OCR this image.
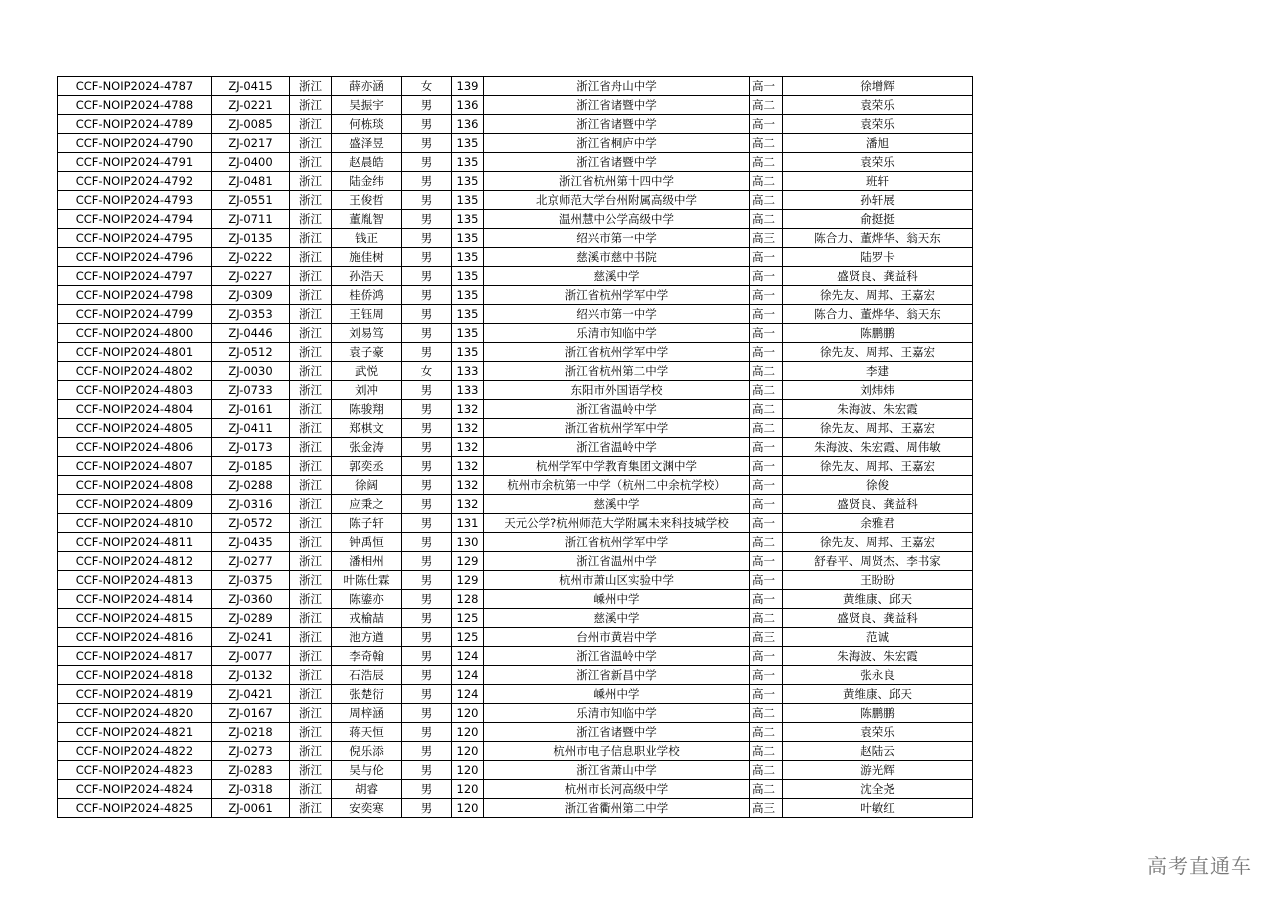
CCF-NOIP2024-4787	ZJ-0415	浙江	薛亦涵	女	139	浙江省舟山中学	高一	徐增辉
CCF-NOIP2024-4788	ZJ-0221	浙江	吴振宇	男	136	浙江省诸暨中学	高二	袁荣乐
CCF-NOIP2024-4789	ZJ-0085	浙江	何栋琰	男	136	浙江省诸暨中学	高一	袁荣乐
CCF-NOIP2024-4790	ZJ-0217	浙江	盛泽昱	男	135	浙江省桐庐中学	高二	潘旭
CCF-NOIP2024-4791	ZJ-0400	浙江	赵晨皓	男	135	浙江省诸暨中学	高二	袁荣乐
CCF-NOIP2024-4792	ZJ-0481	浙江	陆金纬	男	135	浙江省杭州第十四中学	高二	班轩
CCF-NOIP2024-4793	ZJ-0551	浙江	王俊哲	男	135	北京师范大学台州附属高级中学	高二	孙轩展
CCF-NOIP2024-4794	ZJ-0711	浙江	董胤智	男	135	温州慧中公学高级中学	高二	俞挺挺
CCF-NOIP2024-4795	ZJ-0135	浙江	钱正	男	135	绍兴市第一中学	高三	陈合力、董烨华、翁天东
CCF-NOIP2024-4796	ZJ-0222	浙江	施佳树	男	135	慈溪市慈中书院	高一	陆罗卡
CCF-NOIP2024-4797	ZJ-0227	浙江	孙浩天	男	135	慈溪中学	高一	盛贤良、龚益科
CCF-NOIP2024-4798	ZJ-0309	浙江	桂侨鸿	男	135	浙江省杭州学军中学	高一	徐先友、周邦、王嘉宏
CCF-NOIP2024-4799	ZJ-0353	浙江	王钰周	男	135	绍兴市第一中学	高一	陈合力、董烨华、翁天东
CCF-NOIP2024-4800	ZJ-0446	浙江	刘易笃	男	135	乐清市知临中学	高一	陈鹏鹏
CCF-NOIP2024-4801	ZJ-0512	浙江	袁子豪	男	135	浙江省杭州学军中学	高一	徐先友、周邦、王嘉宏
CCF-NOIP2024-4802	ZJ-0030	浙江	武悦	女	133	浙江省杭州第二中学	高二	李建
CCF-NOIP2024-4803	ZJ-0733	浙江	刘冲	男	133	东阳市外国语学校	高二	刘炜炜
CCF-NOIP2024-4804	ZJ-0161	浙江	陈骏翔	男	132	浙江省温岭中学	高二	朱海波、朱宏霞
CCF-NOIP2024-4805	ZJ-0411	浙江	郑棋文	男	132	浙江省杭州学军中学	高二	徐先友、周邦、王嘉宏
CCF-NOIP2024-4806	ZJ-0173	浙江	张金涛	男	132	浙江省温岭中学	高一	朱海波、朱宏霞、周伟敏
CCF-NOIP2024-4807	ZJ-0185	浙江	郭奕丞	男	132	杭州学军中学教育集团文渊中学	高一	徐先友、周邦、王嘉宏
CCF-NOIP2024-4808	ZJ-0288	浙江	徐阔	男	132	杭州市余杭第一中学（杭州二中余杭学校）	高一	徐俊
CCF-NOIP2024-4809	ZJ-0316	浙江	应秉之	男	132	慈溪中学	高一	盛贤良、龚益科
CCF-NOIP2024-4810	ZJ-0572	浙江	陈子轩	男	131	天元公学?杭州师范大学附属未来科技城学校	高一	余雅君
CCF-NOIP2024-4811	ZJ-0435	浙江	钟禹恒	男	130	浙江省杭州学军中学	高二	徐先友、周邦、王嘉宏
CCF-NOIP2024-4812	ZJ-0277	浙江	潘相州	男	129	浙江省温州中学	高一	舒春平、周贤杰、李书家
CCF-NOIP2024-4813	ZJ-0375	浙江	叶陈仕霖	男	129	杭州市萧山区实验中学	高一	王盼盼
CCF-NOIP2024-4814	ZJ-0360	浙江	陈鎏亦	男	128	嵊州中学	高一	黄维康、邱天
CCF-NOIP2024-4815	ZJ-0289	浙江	戎榆喆	男	125	慈溪中学	高二	盛贤良、龚益科
CCF-NOIP2024-4816	ZJ-0241	浙江	池方遒	男	125	台州市黄岩中学	高三	范诚
CCF-NOIP2024-4817	ZJ-0077	浙江	李奇翰	男	124	浙江省温岭中学	高一	朱海波、朱宏霞
CCF-NOIP2024-4818	ZJ-0132	浙江	石浩辰	男	124	浙江省新昌中学	高一	张永良
CCF-NOIP2024-4819	ZJ-0421	浙江	张楚衍	男	124	嵊州中学	高一	黄维康、邱天
CCF-NOIP2024-4820	ZJ-0167	浙江	周梓涵	男	120	乐清市知临中学	高二	陈鹏鹏
CCF-NOIP2024-4821	ZJ-0218	浙江	蒋天恒	男	120	浙江省诸暨中学	高二	袁荣乐
CCF-NOIP2024-4822	ZJ-0273	浙江	倪乐添	男	120	杭州市电子信息职业学校	高二	赵陆云
CCF-NOIP2024-4823	ZJ-0283	浙江	吴与伦	男	120	浙江省萧山中学	高二	游光辉
CCF-NOIP2024-4824	ZJ-0318	浙江	胡睿	男	120	杭州市长河高级中学	高二	沈全尧
CCF-NOIP2024-4825	ZJ-0061	浙江	安奕寒	男	120	浙江省衢州第二中学	高三	叶敏红
高考直通车
